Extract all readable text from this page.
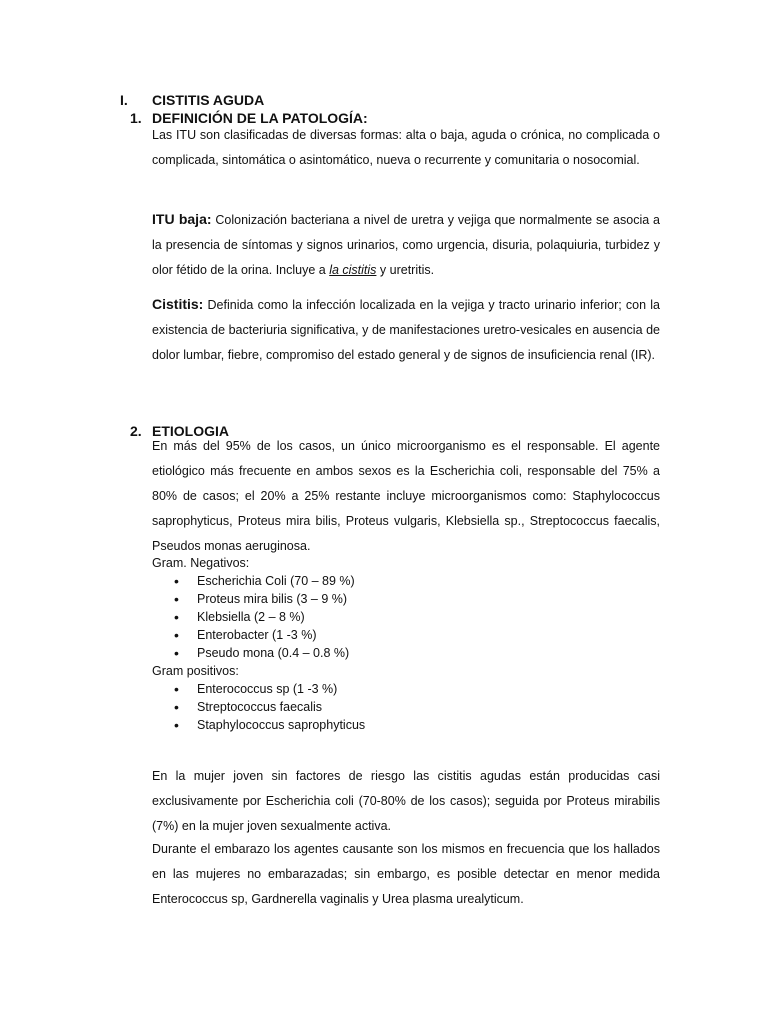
I. CISTITIS AGUDA
1. DEFINICIÓN DE LA PATOLOGÍA:
Las ITU son clasificadas de diversas formas: alta o baja, aguda o crónica, no complicada o complicada, sintomática o asintomático, nueva o recurrente y comunitaria o nosocomial.
ITU baja: Colonización bacteriana a nivel de uretra y vejiga que normalmente se asocia a la presencia de síntomas y signos urinarios, como urgencia, disuria, polaquiuria, turbidez y olor fétido de la orina. Incluye a la cistitis y uretritis.
Cistitis: Definida como la infección localizada en la vejiga y tracto urinario inferior; con la existencia de bacteriuria significativa, y de manifestaciones uretro-vesicales en ausencia de dolor lumbar, fiebre, compromiso del estado general y de signos de insuficiencia renal (IR).
2. ETIOLOGIA
En más del 95% de los casos, un único microorganismo es el responsable. El agente etiológico más frecuente en ambos sexos es la Escherichia coli, responsable del 75% a 80% de casos; el 20% a 25% restante incluye microorganismos como: Staphylococcus saprophyticus, Proteus mira bilis, Proteus vulgaris, Klebsiella sp., Streptococcus faecalis, Pseudos monas aeruginosa.
Gram. Negativos:
• Escherichia Coli (70 – 89 %)
• Proteus mira bilis (3 – 9 %)
• Klebsiella (2 – 8 %)
• Enterobacter (1 -3 %)
• Pseudo mona (0.4 – 0.8 %)
Gram positivos:
• Enterococcus sp (1 -3 %)
• Streptococcus faecalis
• Staphylococcus saprophyticus
En la mujer joven sin factores de riesgo las cistitis agudas están producidas casi exclusivamente por Escherichia coli (70-80% de los casos); seguida por Proteus mirabilis (7%) en la mujer joven sexualmente activa.
Durante el embarazo los agentes causante son los mismos en frecuencia que los hallados en las mujeres no embarazadas; sin embargo, es posible detectar en menor medida Enterococcus sp, Gardnerella vaginalis y Urea plasma urealyticum.
